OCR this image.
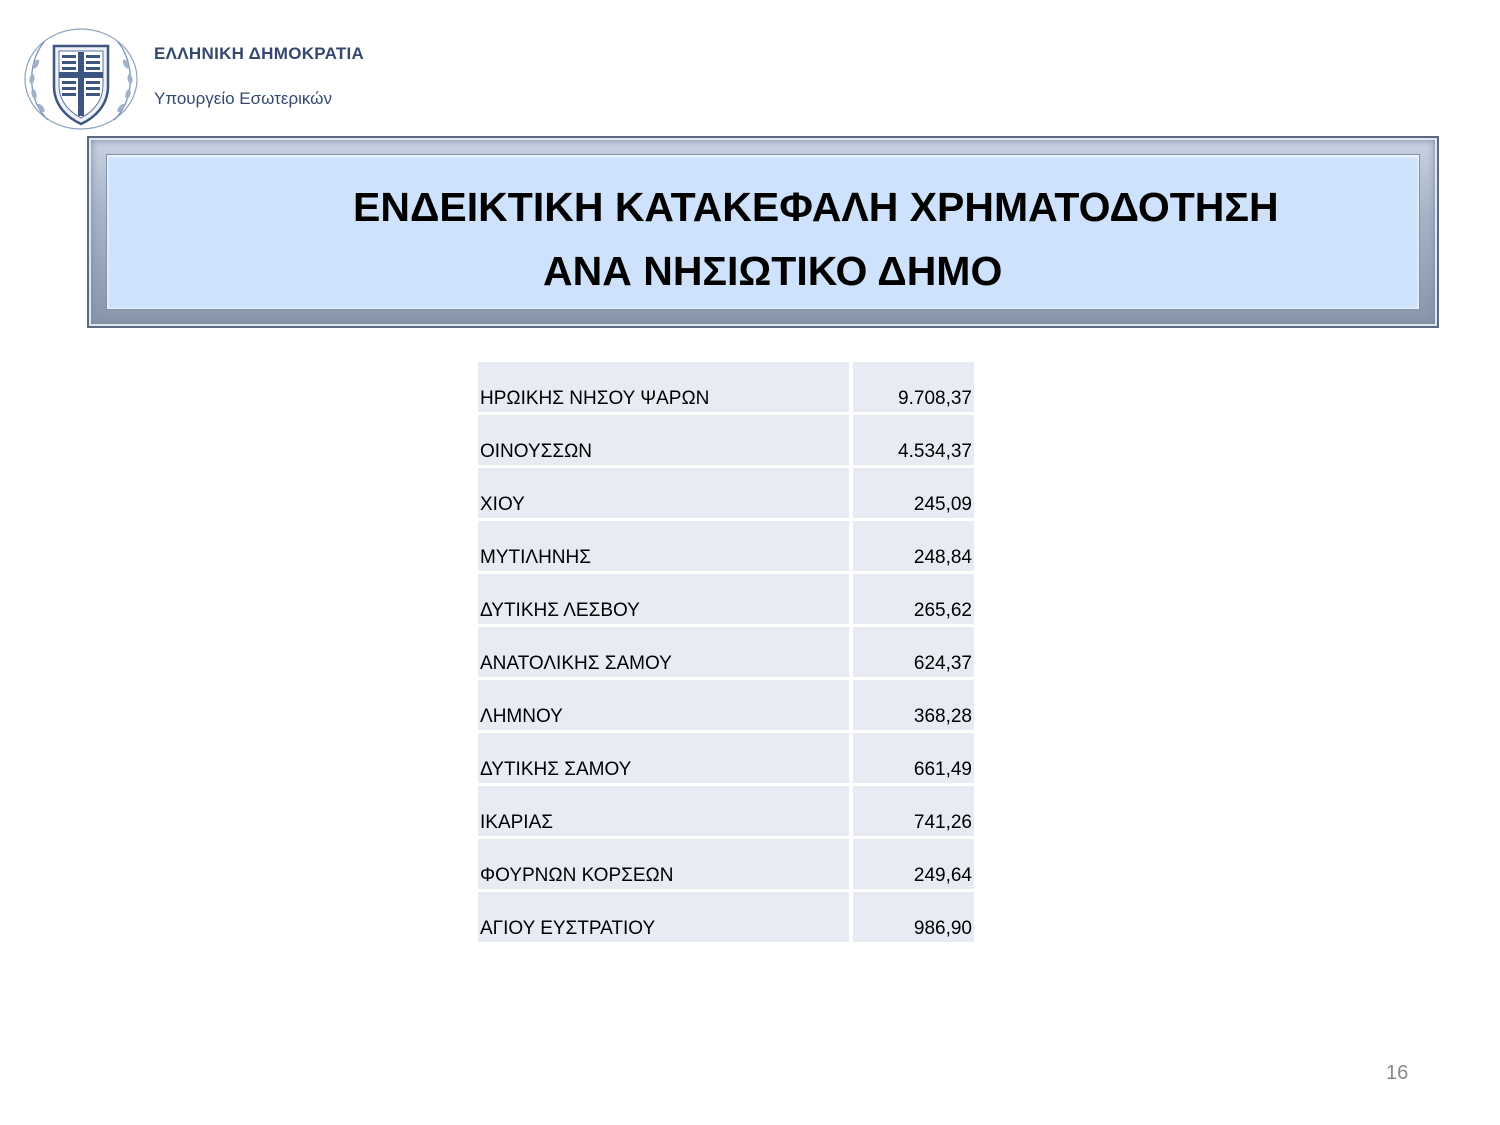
ΕΛΛΗΝΙΚΗ ΔΗΜΟΚΡΑΤΙΑ
Υπουργείο Εσωτερικών
ΕΝΔΕΙΚΤΙΚΗ ΚΑΤΑΚΕΦΑΛΗ ΧΡΗΜΑΤΟΔΟΤΗΣΗ
ΑΝΑ ΝΗΣΙΩΤΙΚΟ ΔΗΜΟ
ΗΡΩΙΚΗΣ ΝΗΣΟΥ ΨΑΡΩΝ	9.708,37
ΟΙΝΟΥΣΣΩΝ	4.534,37
ΧΙΟΥ	245,09
ΜΥΤΙΛΗΝΗΣ	248,84
ΔΥΤΙΚΗΣ ΛΕΣΒΟΥ	265,62
ΑΝΑΤΟΛΙΚΗΣ ΣΑΜΟΥ	624,37
ΛΗΜΝΟΥ	368,28
ΔΥΤΙΚΗΣ ΣΑΜΟΥ	661,49
ΙΚΑΡΙΑΣ	741,26
ΦΟΥΡΝΩΝ ΚΟΡΣΕΩΝ	249,64
ΑΓΙΟΥ ΕΥΣΤΡΑΤΙΟΥ	986,90
16
